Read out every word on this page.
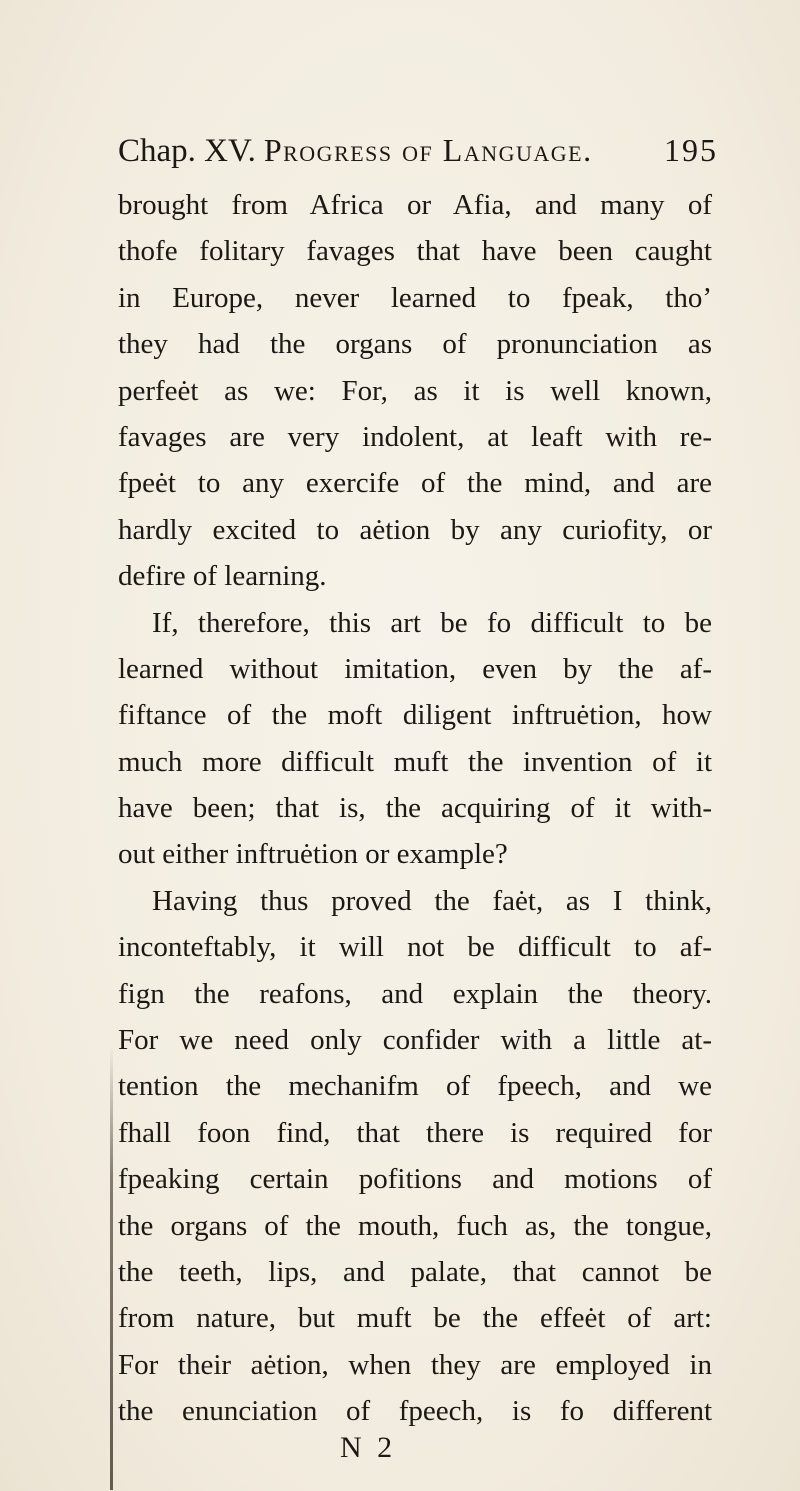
Chap. XV. Progress of Language. 195
brought from Africa or Afia, and many of
thofe folitary favages that have been caught
in Europe, never learned to fpeak, tho’
they had the organs of pronunciation as
perfeėt as we: For, as it is well known,
favages are very indolent, at leaft with re-
fpeėt to any exercife of the mind, and are
hardly excited to aėtion by any curiofity, or
defire of learning.
If, therefore, this art be fo difficult to be
learned without imitation, even by the af-
fiftance of the moft diligent inftruėtion, how
much more difficult muft the invention of it
have been; that is, the acquiring of it with-
out either inftruėtion or example?
Having thus proved the faėt, as I think,
inconteftably, it will not be difficult to af-
fign the reafons, and explain the theory.
For we need only confider with a little at-
tention the mechanifm of fpeech, and we
fhall foon find, that there is required for
fpeaking certain pofitions and motions of
the organs of the mouth, fuch as, the tongue,
the teeth, lips, and palate, that cannot be
from nature, but muft be the effeėt of art:
For their aėtion, when they are employed in
the enunciation of fpeech, is fo different
N 2
